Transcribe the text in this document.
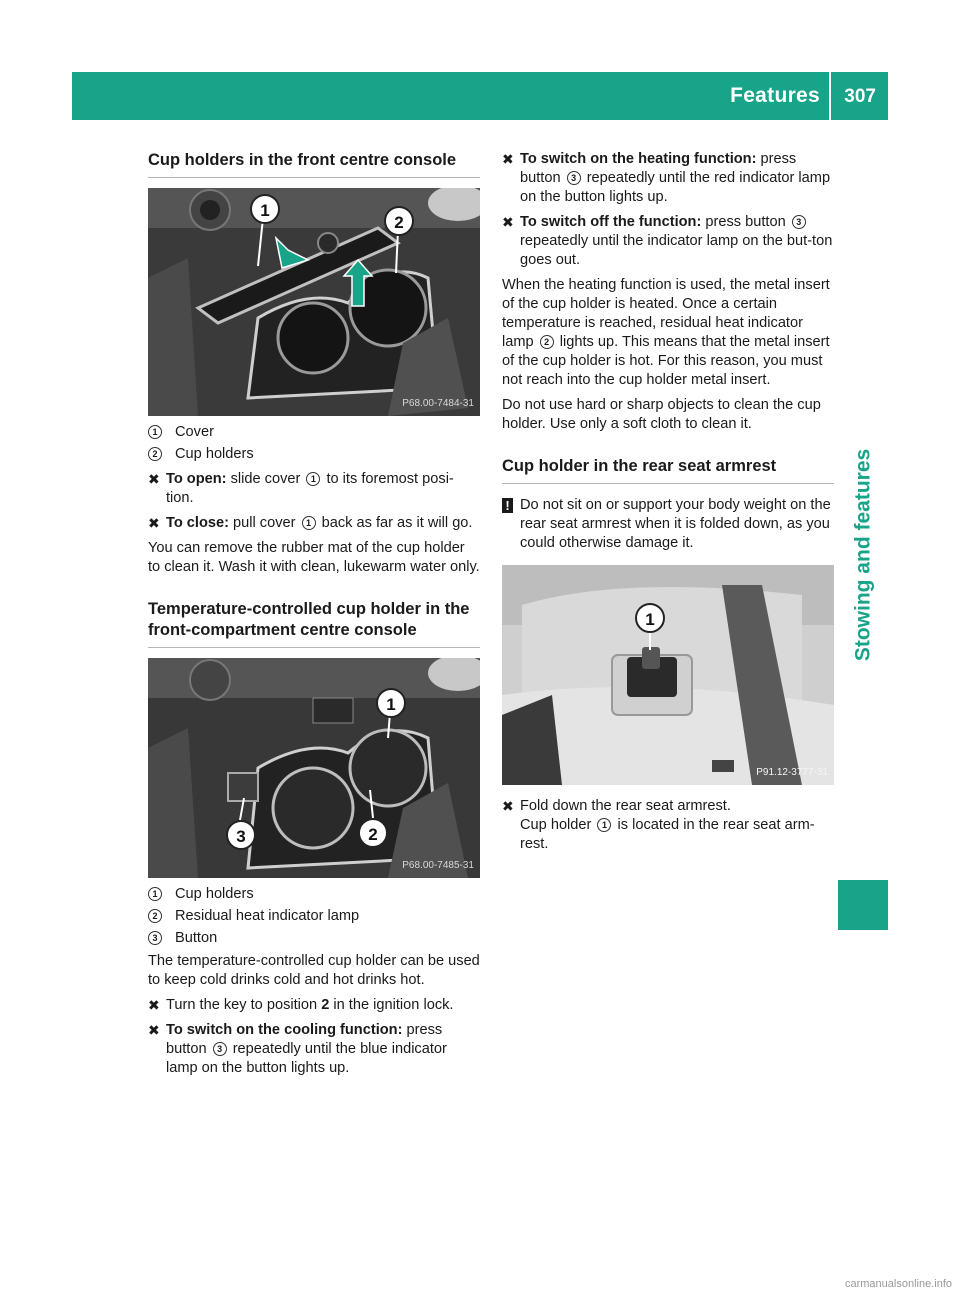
Features 307
Stowing and features
Cup holders in the front centre console
1
2
P68.00-7484-31
1	Cover
2	Cup holders

✖ To open: slide cover 1 to its foremost posi-tion.

✖ To close: pull cover 1 back as far as it will go.

You can remove the rubber mat of the cup holder to clean it. Wash it with clean, lukewarm water only.

Temperature-controlled cup holder in the front-compartment centre console
1
3	2
P68.00-7485-31
1	Cup holders
2	Residual heat indicator lamp
3	Button

The temperature-controlled cup holder can be used to keep cold drinks cold and hot drinks hot.

✖ Turn the key to position 2 in the ignition lock.

✖ To switch on the cooling function: press button 3 repeatedly until the blue indicator lamp on the button lights up.

✖ To switch on the heating function: press button 3 repeatedly until the red indicator lamp on the button lights up.

✖ To switch off the function: press button 3 repeatedly until the indicator lamp on the but-ton goes out.

When the heating function is used, the metal insert of the cup holder is heated. Once a certain temperature is reached, residual heat indicator lamp 2 lights up. This means that the metal insert of the cup holder is hot. For this reason, you must not reach into the cup holder metal insert.

Do not use hard or sharp objects to clean the cup holder. Use only a soft cloth to clean it.

Cup holder in the rear seat armrest

! Do not sit on or support your body weight on the rear seat armrest when it is folded down, as you could otherwise damage it.

1
P91.12-3777-31

✖ Fold down the rear seat armrest.
Cup holder 1 is located in the rear seat arm-rest.

carmanualsonline.info
